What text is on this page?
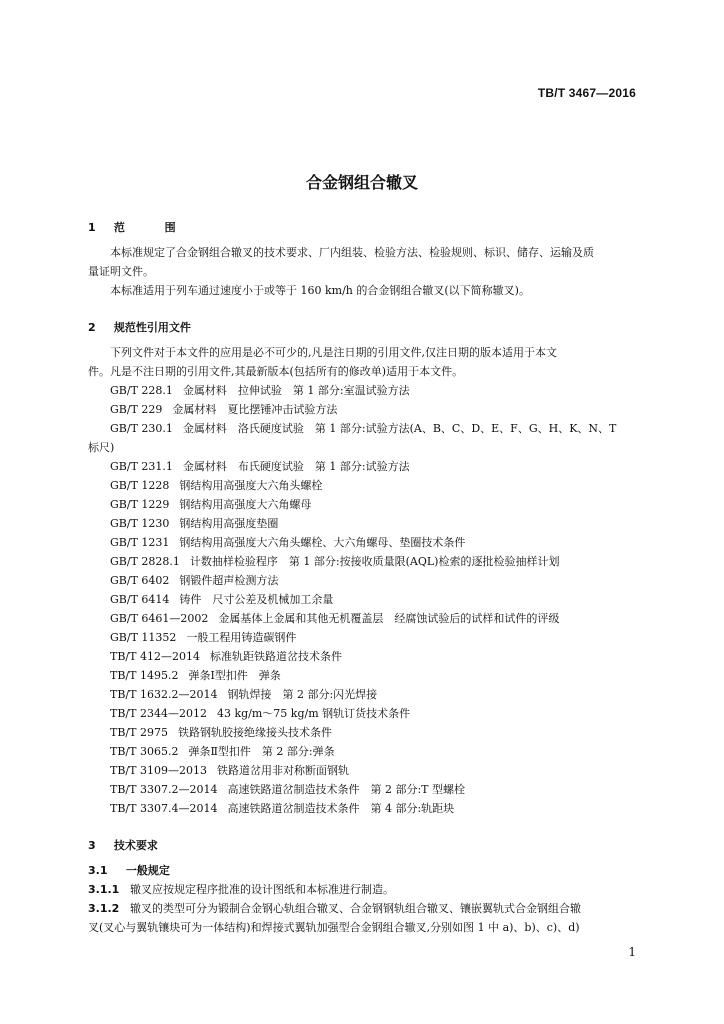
TB/T 3467—2016
合金钢组合辙叉
1 范 围
本标准规定了合金钢组合辙叉的技术要求、厂内组装、检验方法、检验规则、标识、储存、运输及质
量证明文件。
本标准适用于列车通过速度小于或等于 160 km/h 的合金钢组合辙叉(以下简称辙叉)。
2 规范性引用文件
下列文件对于本文件的应用是必不可少的,凡是注日期的引用文件,仅注日期的版本适用于本文
件。凡是不注日期的引用文件,其最新版本(包括所有的修改单)适用于本文件。
GB/T 228.1 金属材料　拉伸试验　第 1 部分:室温试验方法
GB/T 229 金属材料　夏比摆锤冲击试验方法
GB/T 230.1 金属材料　洛氏硬度试验　第 1 部分:试验方法(A、B、C、D、E、F、G、H、K、N、T
标尺)
GB/T 231.1 金属材料　布氏硬度试验　第 1 部分:试验方法
GB/T 1228 钢结构用高强度大六角头螺栓
GB/T 1229 钢结构用高强度大六角螺母
GB/T 1230 钢结构用高强度垫圈
GB/T 1231 钢结构用高强度大六角头螺栓、大六角螺母、垫圈技术条件
GB/T 2828.1 计数抽样检验程序　第 1 部分:按接收质量限(AQL)检索的逐批检验抽样计划
GB/T 6402 钢锻件超声检测方法
GB/T 6414 铸件　尺寸公差及机械加工余量
GB/T 6461—2002 金属基体上金属和其他无机覆盖层　经腐蚀试验后的试样和试件的评级
GB/T 11352 一般工程用铸造碳钢件
TB/T 412—2014 标准轨距铁路道岔技术条件
TB/T 1495.2 弹条Ⅰ型扣件　弹条
TB/T 1632.2—2014 钢轨焊接　第 2 部分:闪光焊接
TB/T 2344—2012 43 kg/m～75 kg/m 钢轨订货技术条件
TB/T 2975 铁路钢轨胶接绝缘接头技术条件
TB/T 3065.2 弹条Ⅱ型扣件　第 2 部分:弹条
TB/T 3109—2013 铁路道岔用非对称断面钢轨
TB/T 3307.2—2014 高速铁路道岔制造技术条件　第 2 部分:T 型螺栓
TB/T 3307.4—2014 高速铁路道岔制造技术条件　第 4 部分:轨距块
3 技术要求
3.1 一般规定
3.1.1 辙叉应按规定程序批准的设计图纸和本标准进行制造。
3.1.2 辙叉的类型可分为锻制合金钢心轨组合辙叉、合金钢钢轨组合辙叉、镶嵌翼轨式合金钢组合辙
叉(叉心与翼轨镶块可为一体结构)和焊接式翼轨加强型合金钢组合辙叉,分别如图 1 中 a)、b)、c)、d)
1
